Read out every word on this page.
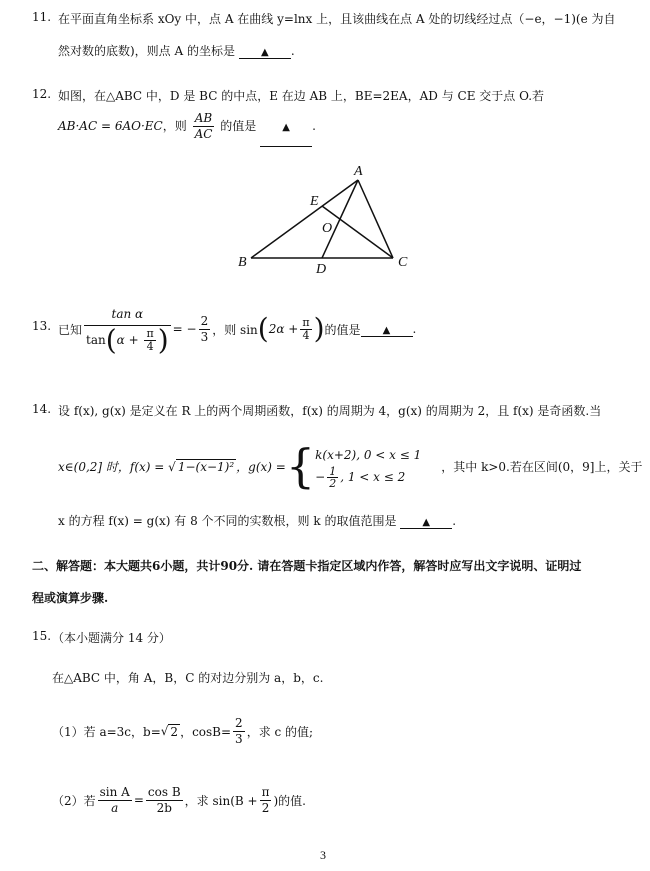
11. 在平面直角坐标系 xOy 中，点 A 在曲线 y=lnx 上，且该曲线在点 A 处的切线经过点（−e，−1)(e 为自
然对数的底数)，则点 A 的坐标是	▲ .
12. 如图，在△ABC 中，D 是 BC 的中点，E 在边 AB 上，BE=2EA，AD 与 CE 交于点 O.若
AB·AC = 6AO·EC，则 $\frac{AB}{AC}$ 的值是	▲ .
A
B	C
D
E
O
13. 已知 $\frac{\text{tan α}}{\tan(\alpha + \frac{\pi}{4} )}$ = − $\frac{2}{3}$ ，则 sin ( $2\alpha + \frac{\pi}{4}$ ) 的值是	▲	.
14. 设 f(x), g(x) 是定义在 R 上的两个周期函数，f(x) 的周期为 4，g(x) 的周期为 2，且 f(x) 是奇函数.当
x∈(0,2] 时，f(x) = √ 1−(x−1)² ，g(x) = { k(x+2), 0 < x ≤ 1
− $\frac{1}{2}$ , 1 < x ≤ 2
，其中 k>0.若在区间(0，9]上，关于
x 的方程 f(x) = g(x) 有 8 个不同的实数根，则 k 的取值范围是	▲ .
二、解答题：本大题共6小题，共计90分. 请在答题卡指定区域内作答，解答时应写出文字说明、证明过
程或演算步骤.
15. （本小题满分 14 分）
在△ABC 中，角 A，B，C 的对边分别为 a，b，c.
（1）若 a=3c，b= √ 2 ，$\cos B= \frac{2}{3}$ ，求 c 的值;
（2）若 $\frac{\text{sin A}}{a} = \frac{\text{cos B}}{2b}$ ，求 $\sin(B + \frac{\pi}{2}$ )的值.
3
